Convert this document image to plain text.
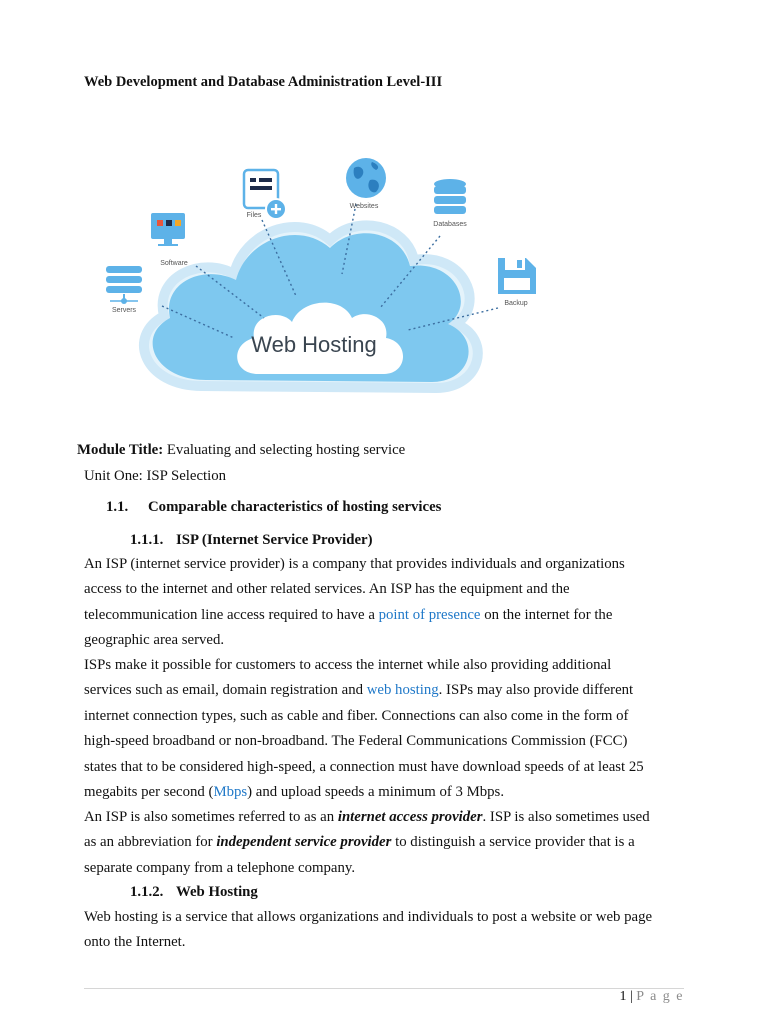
Web Development and Database Administration Level-III
Web Hosting
Servers
Software
Files
Websites
Databases
Backup
Module Title: Evaluating and selecting hosting service
Unit One: ISP Selection
1.1. Comparable characteristics of hosting services
1.1.1. ISP (Internet Service Provider)
An ISP (internet service provider) is a company that provides individuals and organizations
access to the internet and other related services. An ISP has the equipment and the
telecommunication line access required to have a point of presence on the internet for the
geographic area served.
ISPs make it possible for customers to access the internet while also providing additional
services such as email, domain registration and web hosting. ISPs may also provide different
internet connection types, such as cable and fiber. Connections can also come in the form of
high-speed broadband or non-broadband. The Federal Communications Commission (FCC)
states that to be considered high-speed, a connection must have download speeds of at least 25
megabits per second (Mbps) and upload speeds a minimum of 3 Mbps.
An ISP is also sometimes referred to as an internet access provider. ISP is also sometimes used
as an abbreviation for independent service provider to distinguish a service provider that is a
separate company from a telephone company.
1.1.2. Web Hosting
Web hosting is a service that allows organizations and individuals to post a website or web page
onto the Internet.
1 | P a g e
